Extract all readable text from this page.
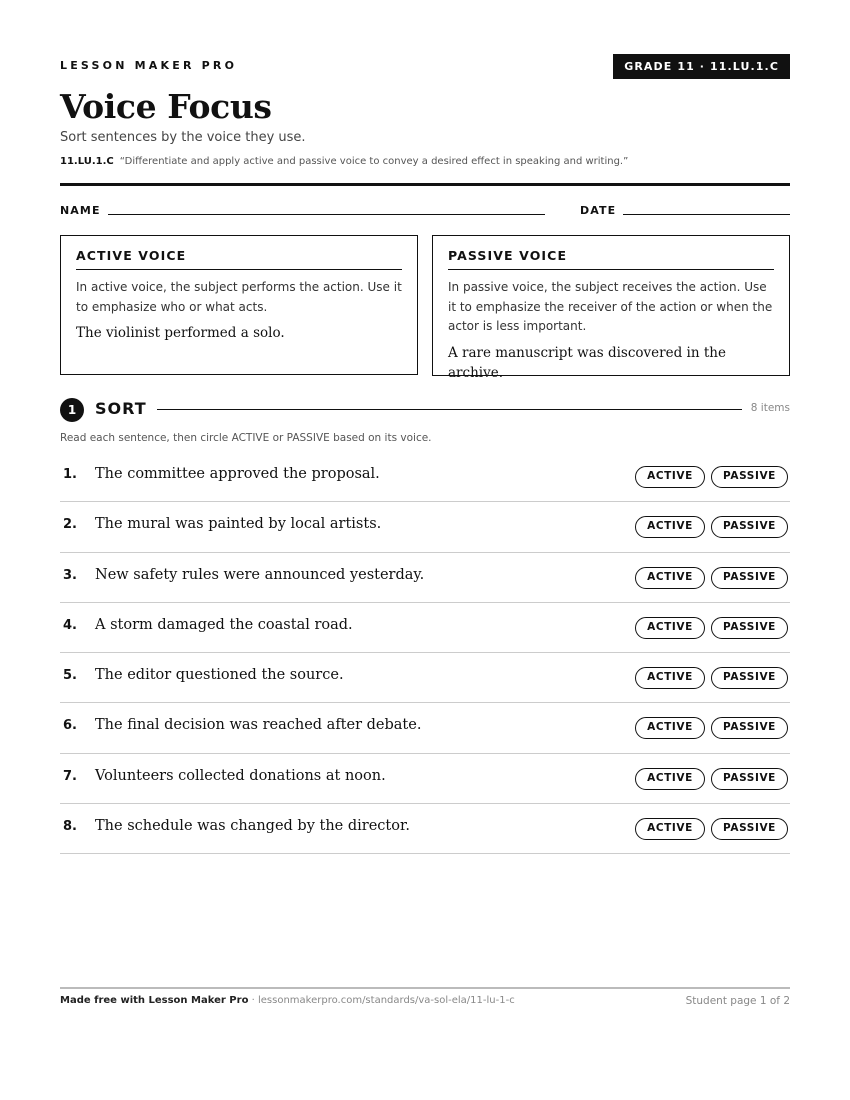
LESSON MAKER PRO	GRADE 11 · 11.LU.1.C
Voice Focus
Sort sentences by the voice they use.
11.LU.1.C “Differentiate and apply active and passive voice to convey a desired effect in speaking and writing.”
NAME	DATE
ACTIVE VOICE
In active voice, the subject performs the action. Use it to emphasize who or what acts.
The violinist performed a solo.
PASSIVE VOICE
In passive voice, the subject receives the action. Use it to emphasize the receiver of the action or when the actor is less important.
A rare manuscript was discovered in the archive.
1	SORT	8 items
Read each sentence, then circle ACTIVE or PASSIVE based on its voice.
1. The committee approved the proposal.	ACTIVE	PASSIVE
2. The mural was painted by local artists.	ACTIVE	PASSIVE
3. New safety rules were announced yesterday.	ACTIVE	PASSIVE
4. A storm damaged the coastal road.	ACTIVE	PASSIVE
5. The editor questioned the source.	ACTIVE	PASSIVE
6. The final decision was reached after debate.	ACTIVE	PASSIVE
7. Volunteers collected donations at noon.	ACTIVE	PASSIVE
8. The schedule was changed by the director.	ACTIVE	PASSIVE
Made free with Lesson Maker Pro · lessonmakerpro.com/standards/va-sol-ela/11-lu-1-c	Student page 1 of 2
